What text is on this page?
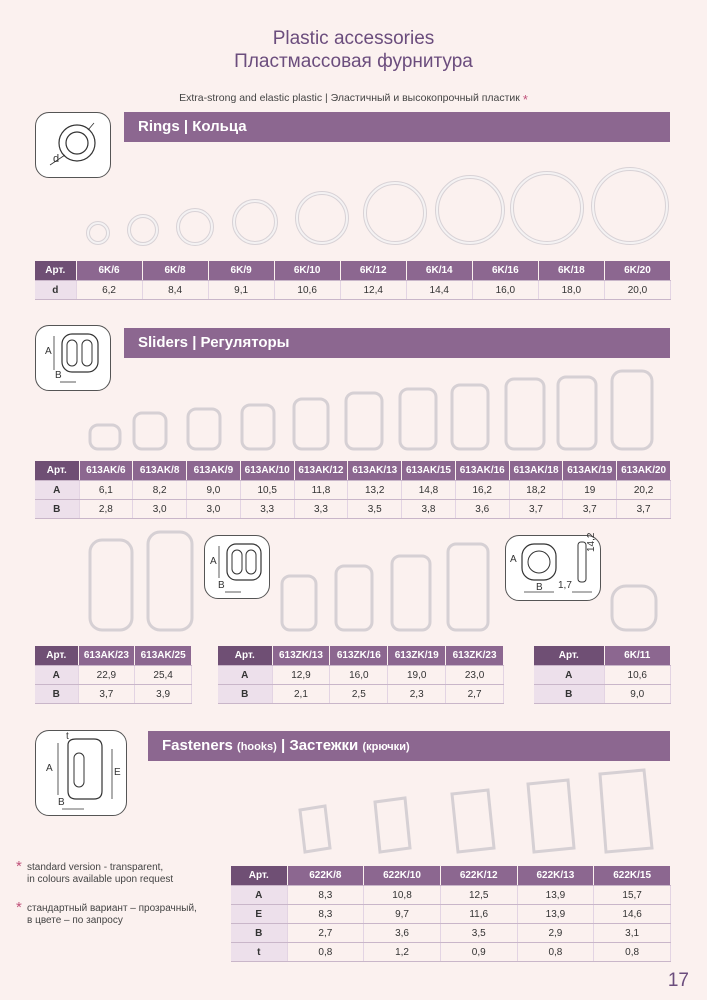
Plastic accessories
Пластмассовая фурнитура
Extra-strong and elastic plastic | Эластичный и высокопрочный пластик *
d
Rings | Кольца
Арт.	6K/6	6K/8	6K/9	6K/10	6K/12	6K/14	6K/16	6K/18	6K/20
d	6,2	8,4	9,1	10,6	12,4	14,4	16,0	18,0	20,0
A
B
Sliders | Регуляторы
Арт.	613AK/6	613AK/8	613AK/9	613AK/10	613AK/12	613AK/13	613AK/15	613AK/16	613AK/18	613AK/19	613AK/20
A	6,1	8,2	9,0	10,5	11,8	13,2	14,8	16,2	18,2	19	20,2
B	2,8	3,0	3,0	3,3	3,3	3,5	3,8	3,6	3,7	3,7	3,7
A
B
A
B 1,7
14,2
Арт.	613AK/23	613AK/25
A	22,9	25,4
B	3,7	3,9
Арт.	613ZK/13	613ZK/16	613ZK/19	613ZK/23
A	12,9	16,0	19,0	23,0
B	2,1	2,5	2,3	2,7
Арт.	6K/11
A	10,6
B	9,0
A	E
B
t
Fasteners (hooks) | Застежки (крючки)
* standard version - transparent,
in colours available upon request
* стандартный вариант – прозрачный,
в цвете – по запросу
Арт.	622K/8	622K/10	622K/12	622K/13	622K/15
A	8,3	10,8	12,5	13,9	15,7
E	8,3	9,7	11,6	13,9	14,6
B	2,7	3,6	3,5	2,9	3,1
t	0,8	1,2	0,9	0,8	0,8
17
